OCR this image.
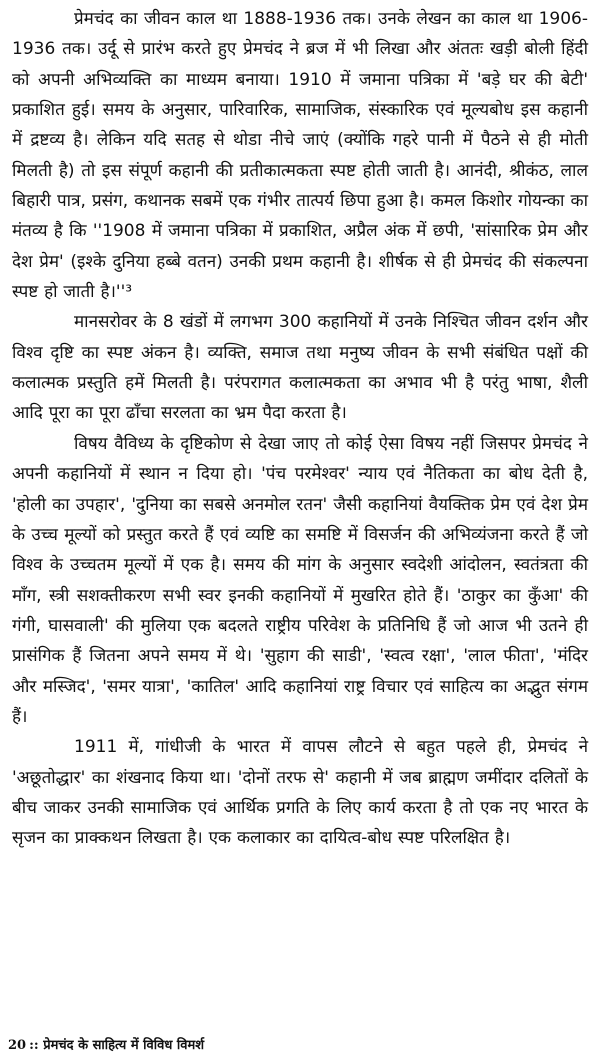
प्रेमचंद का जीवन काल था 1888-1936 तक। उनके लेखन का काल था 1906-1936 तक। उर्दू से प्रारंभ करते हुए प्रेमचंद ने ब्रज में भी लिखा और अंततः खड़ी बोली हिंदी को अपनी अभिव्यक्ति का माध्यम बनाया। 1910 में जमाना पत्रिका में 'बड़े घर की बेटी' प्रकाशित हुई। समय के अनुसार, पारिवारिक, सामाजिक, संस्कारिक एवं मूल्यबोध इस कहानी में द्रष्टव्य है। लेकिन यदि सतह से थोडा नीचे जाएं (क्योंकि गहरे पानी में पैठने से ही मोती मिलती है) तो इस संपूर्ण कहानी की प्रतीकात्मकता स्पष्ट होती जाती है। आनंदी, श्रीकंठ, लाल बिहारी पात्र, प्रसंग, कथानक सबमें एक गंभीर तात्पर्य छिपा हुआ है। कमल किशोर गोयन्का का मंतव्य है कि ''1908 में जमाना पत्रिका में प्रकाशित, अप्रैल अंक में छपी, 'सांसारिक प्रेम और देश प्रेम' (इश्के दुनिया हब्बे वतन) उनकी प्रथम कहानी है। शीर्षक से ही प्रेमचंद की संकल्पना स्पष्ट हो जाती है।''³

मानसरोवर के 8 खंडों में लगभग 300 कहानियों में उनके निश्चित जीवन दर्शन और विश्व दृष्टि का स्पष्ट अंकन है। व्यक्ति, समाज तथा मनुष्य जीवन के सभी संबंधित पक्षों की कलात्मक प्रस्तुति हमें मिलती है। परंपरागत कलात्मकता का अभाव भी है परंतु भाषा, शैली आदि पूरा का पूरा ढाँचा सरलता का भ्रम पैदा करता है।

विषय वैविध्य के दृष्टिकोण से देखा जाए तो कोई ऐसा विषय नहीं जिसपर प्रेमचंद ने अपनी कहानियों में स्थान न दिया हो। 'पंच परमेश्वर' न्याय एवं नैतिकता का बोध देती है, 'होली का उपहार', 'दुनिया का सबसे अनमोल रतन' जैसी कहानियां वैयक्तिक प्रेम एवं देश प्रेम के उच्च मूल्यों को प्रस्तुत करते हैं एवं व्यष्टि का समष्टि में विसर्जन की अभिव्यंजना करते हैं जो विश्व के उच्चतम मूल्यों में एक है। समय की मांग के अनुसार स्वदेशी आंदोलन, स्वतंत्रता की माँग, स्त्री सशक्तीकरण सभी स्वर इनकी कहानियों में मुखरित होते हैं। 'ठाकुर का कुँआ' की गंगी, घासवाली' की मुलिया एक बदलते राष्ट्रीय परिवेश के प्रतिनिधि हैं जो आज भी उतने ही प्रासंगिक हैं जितना अपने समय में थे। 'सुहाग की साडी', 'स्वत्व रक्षा', 'लाल फीता', 'मंदिर और मस्जिद', 'समर यात्रा', 'कातिल' आदि कहानियां राष्ट्र विचार एवं साहित्य का अद्भुत संगम हैं।

1911 में, गांधीजी के भारत में वापस लौटने से बहुत पहले ही, प्रेमचंद ने 'अछूतोद्धार' का शंखनाद किया था। 'दोनों तरफ से' कहानी में जब ब्राह्मण जमींदार दलितों के बीच जाकर उनकी सामाजिक एवं आर्थिक प्रगति के लिए कार्य करता है तो एक नए भारत के सृजन का प्राक्कथन लिखता है। एक कलाकार का दायित्व-बोध स्पष्ट परिलक्षित है।

20 :: प्रेमचंद के साहित्य में विविध विमर्श
